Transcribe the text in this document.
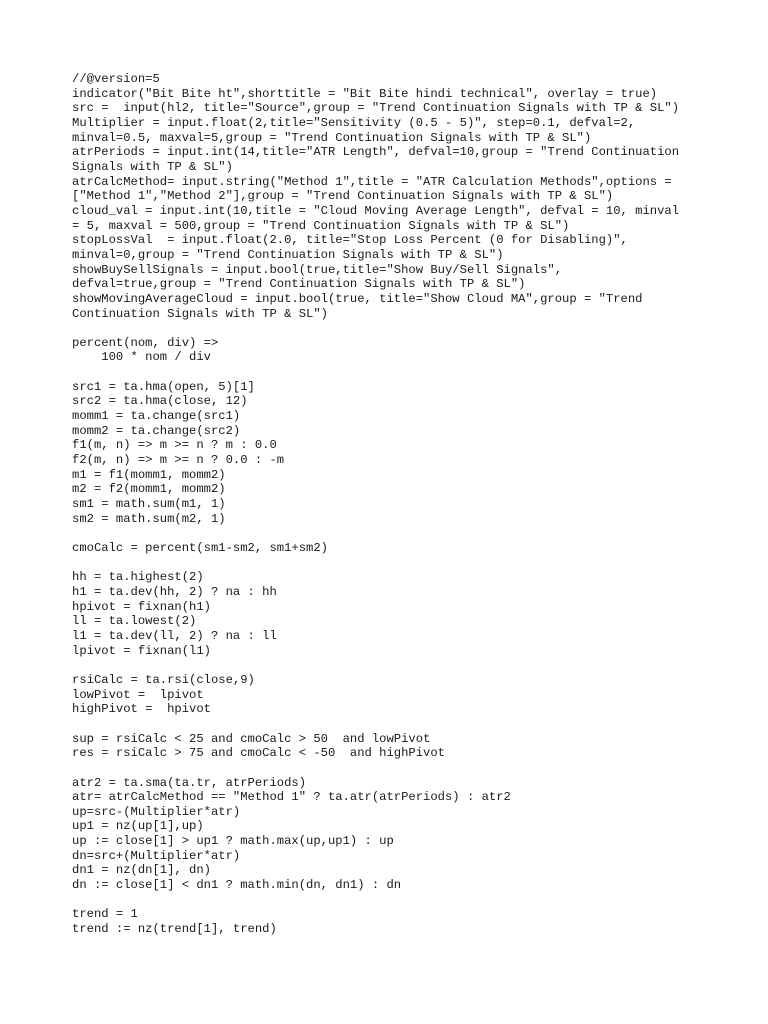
//@version=5
indicator("Bit Bite ht",shorttitle = "Bit Bite hindi technical", overlay = true)
src =  input(hl2, title="Source",group = "Trend Continuation Signals with TP & SL")
Multiplier = input.float(2,title="Sensitivity (0.5 - 5)", step=0.1, defval=2,
minval=0.5, maxval=5,group = "Trend Continuation Signals with TP & SL")
atrPeriods = input.int(14,title="ATR Length", defval=10,group = "Trend Continuation
Signals with TP & SL")
atrCalcMethod= input.string("Method 1",title = "ATR Calculation Methods",options =
["Method 1","Method 2"],group = "Trend Continuation Signals with TP & SL")
cloud_val = input.int(10,title = "Cloud Moving Average Length", defval = 10, minval
= 5, maxval = 500,group = "Trend Continuation Signals with TP & SL")
stopLossVal  = input.float(2.0, title="Stop Loss Percent (0 for Disabling)",
minval=0,group = "Trend Continuation Signals with TP & SL")
showBuySellSignals = input.bool(true,title="Show Buy/Sell Signals",
defval=true,group = "Trend Continuation Signals with TP & SL")
showMovingAverageCloud = input.bool(true, title="Show Cloud MA",group = "Trend
Continuation Signals with TP & SL")
percent(nom, div) =>
100 * nom / div
src1 = ta.hma(open, 5)[1]
src2 = ta.hma(close, 12)
momm1 = ta.change(src1)
momm2 = ta.change(src2)
f1(m, n) => m >= n ? m : 0.0
f2(m, n) => m >= n ? 0.0 : -m
m1 = f1(momm1, momm2)
m2 = f2(momm1, momm2)
sm1 = math.sum(m1, 1)
sm2 = math.sum(m2, 1)
cmoCalc = percent(sm1-sm2, sm1+sm2)
hh = ta.highest(2)
h1 = ta.dev(hh, 2) ? na : hh
hpivot = fixnan(h1)
ll = ta.lowest(2)
l1 = ta.dev(ll, 2) ? na : ll
lpivot = fixnan(l1)
rsiCalc = ta.rsi(close,9)
lowPivot =  lpivot
highPivot =  hpivot
sup = rsiCalc < 25 and cmoCalc > 50  and lowPivot
res = rsiCalc > 75 and cmoCalc < -50  and highPivot
atr2 = ta.sma(ta.tr, atrPeriods)
atr= atrCalcMethod == "Method 1" ? ta.atr(atrPeriods) : atr2
up=src-(Multiplier*atr)
up1 = nz(up[1],up)
up := close[1] > up1 ? math.max(up,up1) : up
dn=src+(Multiplier*atr)
dn1 = nz(dn[1], dn)
dn := close[1] < dn1 ? math.min(dn, dn1) : dn
trend = 1
trend := nz(trend[1], trend)
